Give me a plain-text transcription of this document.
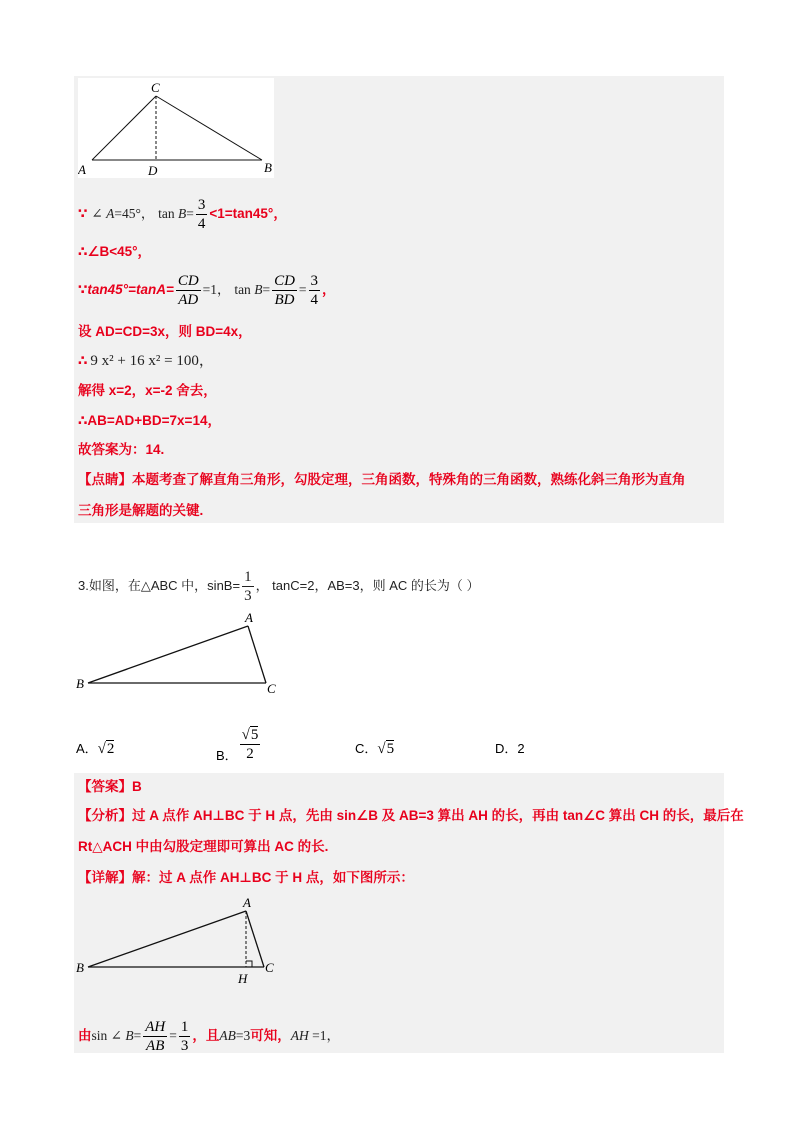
C
A	D	B
∵ ∠ A=45°， $\tan B= \frac{3}{4} <1=\tan 45^\circ$，
∴∠B<45°，
∵tan45°=tanA= $\frac{CD}{AD} =1$， $\tan B= \frac{CD}{BD} = \frac{3}{4}$ ，
设 AD=CD=3x，则 BD=4x，
∴ 9 x² + 16 x² = 100，
解得 x=2，x=-2 舍去，
∴AB=AD+BD=7x=14，
故答案为：14.
【点睛】本题考查了解直角三角形，勾股定理，三角函数，特殊角的三角函数，熟练化斜三角形为直角
三角形是解题的关键.
3.如图，在△ABC 中，$\sin B= \frac{1}{3}$ ， tanC=2，AB=3，则 AC 的长为（ ）
A
B	C
A．√2	B． $\frac{√5}{2}$	C．√5	D．2
【答案】B
【分析】过 A 点作 AH⊥BC 于 H 点，先由 sin∠B 及 AB=3 算出 AH 的长，再由 tan∠C 算出 CH 的长，最后在
Rt△ACH 中由勾股定理即可算出 AC 的长.
【详解】解：过 A 点作 AH⊥BC 于 H 点，如下图所示：
A
B	C
H
由sin ∠ $B= \frac{AH}{AB} = \frac{1}{3}$ ，且AB=3可知，AH =1，
